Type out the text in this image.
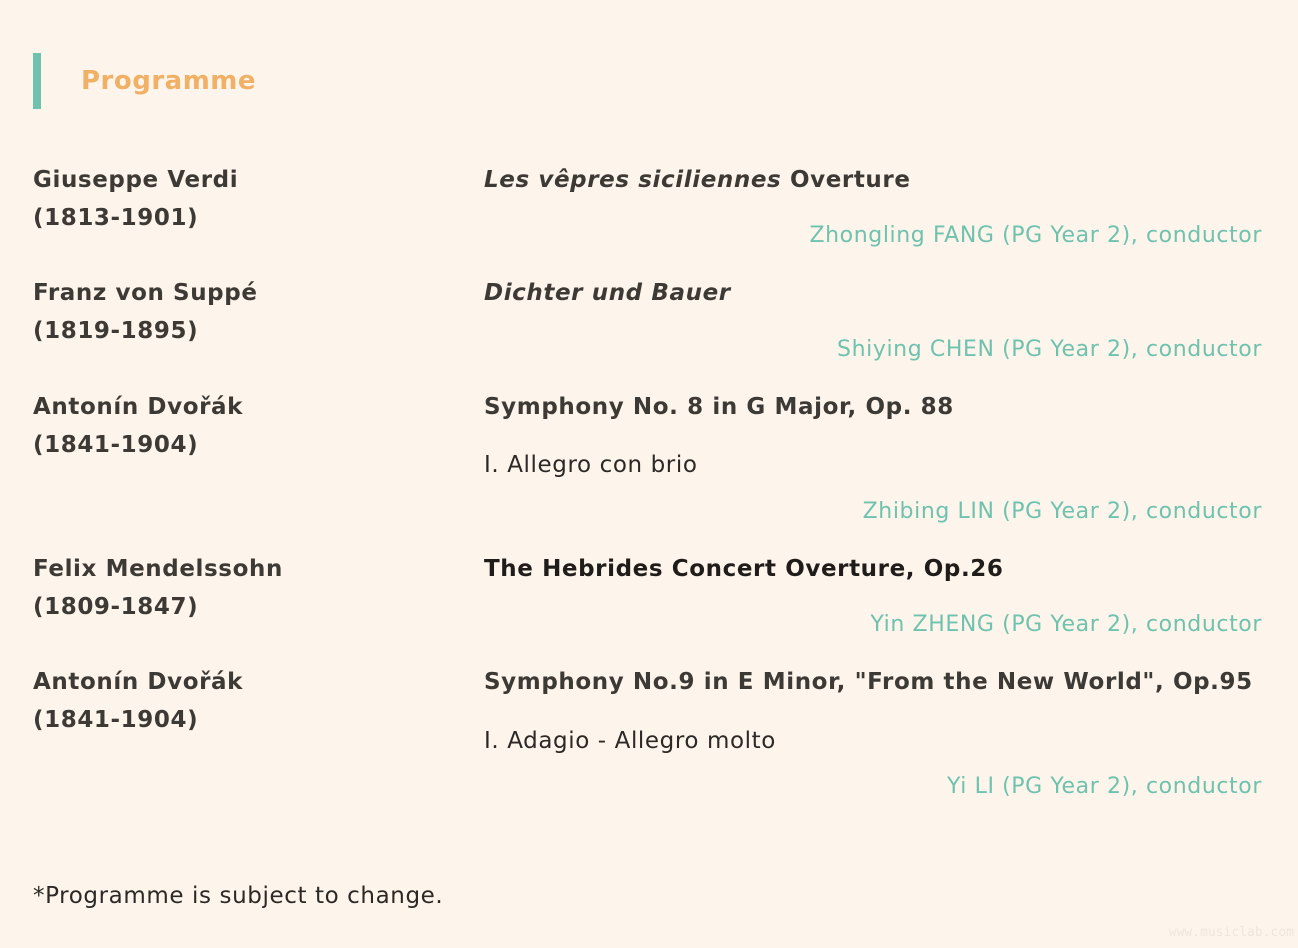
Programme
Giuseppe Verdi
(1813-1901)
Les vêpres siciliennes Overture
Zhongling FANG (PG Year 2), conductor
Franz von Suppé
(1819-1895)
Dichter und Bauer
Shiying CHEN (PG Year 2), conductor
Antonín Dvořák
(1841-1904)
Symphony No. 8 in G Major, Op. 88
I. Allegro con brio
Zhibing LIN (PG Year 2), conductor
Felix Mendelssohn
(1809-1847)
The Hebrides Concert Overture, Op.26
Yin ZHENG (PG Year 2), conductor
Antonín Dvořák
(1841-1904)
Symphony No.9 in E Minor, "From the New World", Op.95
I. Adagio - Allegro molto
Yi LI (PG Year 2), conductor
*Programme is subject to change.
www.musiclab.com
